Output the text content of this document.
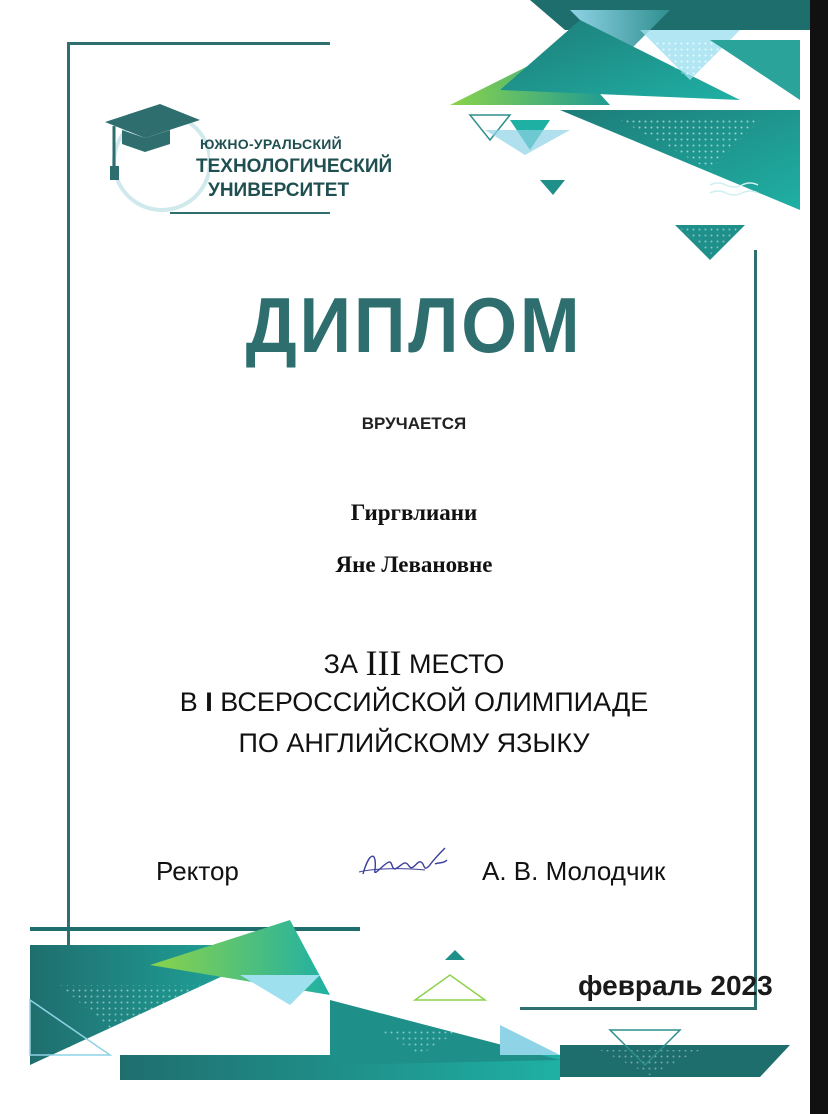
ЮЖНО-УРАЛЬСКИЙ
ТЕХНОЛОГИЧЕСКИЙ
УНИВЕРСИТЕТ
ДИПЛОМ
ВРУЧАЕТСЯ
Гиргвлиани
Яне Левановне
ЗА III МЕСТО
В I ВСЕРОССИЙСКОЙ ОЛИМПИАДЕ
ПО АНГЛИЙСКОМУ ЯЗЫКУ
Ректор	А. В. Молодчик
февраль 2023
